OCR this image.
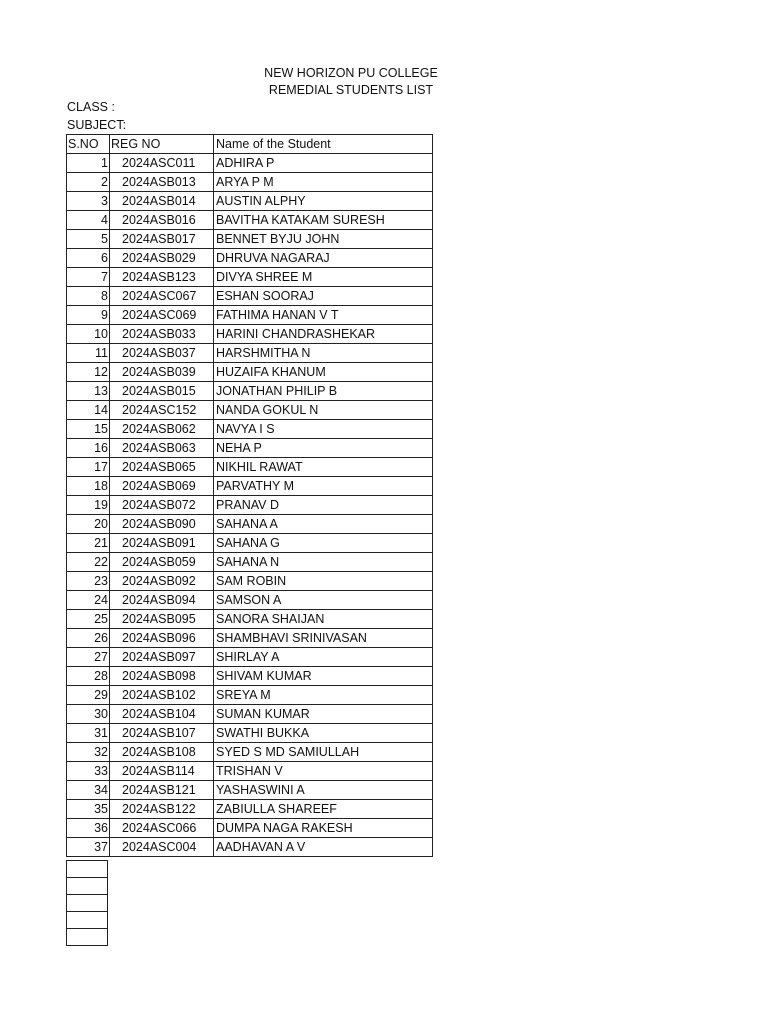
NEW HORIZON PU COLLEGE
REMEDIAL STUDENTS LIST
CLASS :
SUBJECT:
S.NO	REG NO	Name of the Student
1	2024ASC011	ADHIRA P
2	2024ASB013	ARYA P M
3	2024ASB014	AUSTIN ALPHY
4	2024ASB016	BAVITHA KATAKAM SURESH
5	2024ASB017	BENNET BYJU JOHN
6	2024ASB029	DHRUVA NAGARAJ
7	2024ASB123	DIVYA SHREE M
8	2024ASC067	ESHAN SOORAJ
9	2024ASC069	FATHIMA HANAN V T
10	2024ASB033	HARINI CHANDRASHEKAR
11	2024ASB037	HARSHMITHA N
12	2024ASB039	HUZAIFA KHANUM
13	2024ASB015	JONATHAN PHILIP B
14	2024ASC152	NANDA GOKUL N
15	2024ASB062	NAVYA I S
16	2024ASB063	NEHA P
17	2024ASB065	NIKHIL RAWAT
18	2024ASB069	PARVATHY M
19	2024ASB072	PRANAV D
20	2024ASB090	SAHANA A
21	2024ASB091	SAHANA G
22	2024ASB059	SAHANA N
23	2024ASB092	SAM ROBIN
24	2024ASB094	SAMSON A
25	2024ASB095	SANORA SHAIJAN
26	2024ASB096	SHAMBHAVI SRINIVASAN
27	2024ASB097	SHIRLAY A
28	2024ASB098	SHIVAM KUMAR
29	2024ASB102	SREYA M
30	2024ASB104	SUMAN KUMAR
31	2024ASB107	SWATHI BUKKA
32	2024ASB108	SYED S MD SAMIULLAH
33	2024ASB114	TRISHAN V
34	2024ASB121	YASHASWINI A
35	2024ASB122	ZABIULLA SHAREEF
36	2024ASC066	DUMPA NAGA RAKESH
37	2024ASC004	AADHAVAN A V
